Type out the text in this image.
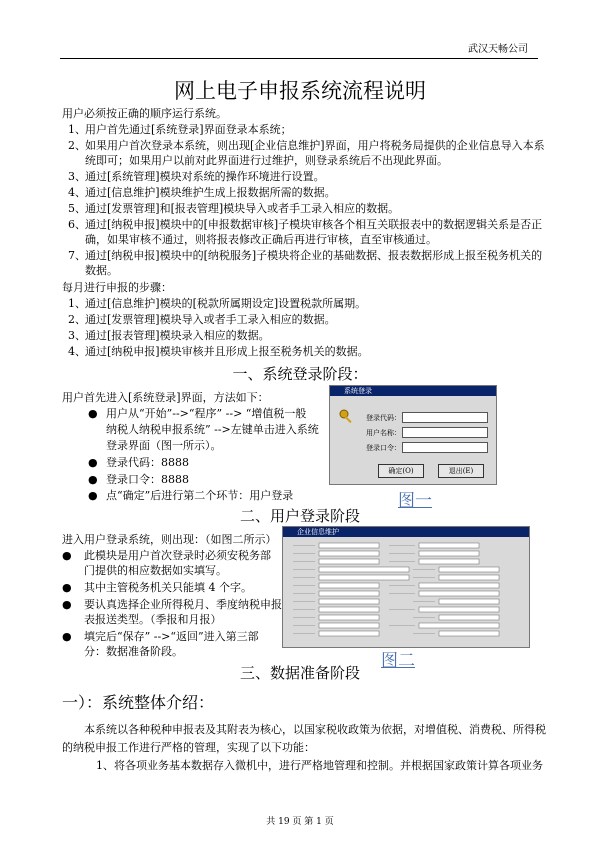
武汉天畅公司
网上电子申报系统流程说明
用户必须按正确的顺序运行系统。
1、 用户首先通过[系统登录]界面登录本系统；
2、 如果用户首次登录本系统，则出现[企业信息维护]界面，用户将税务局提供的企业信息导入本系
统即可；如果用户以前对此界面进行过维护，则登录系统后不出现此界面。
3、 通过[系统管理]模块对系统的操作环境进行设置。
4、 通过[信息维护]模块维护生成上报数据所需的数据。
5、 通过[发票管理]和[报表管理]模块导入或者手工录入相应的数据。
6、 通过[纳税申报]模块中的[申报数据审核]子模块审核各个相互关联报表中的数据逻辑关系是否正
确，如果审核不通过，则将报表修改正确后再进行审核，直至审核通过。
7、 通过[纳税申报]模块中的[纳税服务]子模块将企业的基础数据、报表数据形成上报至税务机关的
数据。
每月进行申报的步骤：
1、 通过[信息维护]模块的[税款所属期设定]设置税款所属期。
2、 通过[发票管理]模块导入或者手工录入相应的数据。
3、 通过[报表管理]模块录入相应的数据。
4、 通过[纳税申报]模块审核并且形成上报至税务机关的数据。
一、系统登录阶段：
用户首先进入[系统登录]界面，方法如下：
● 用户从“开始”-->“程序” --> “增值税一般
纳税人纳税申报系统” -->左键单击进入系统
登录界面（图一所示）。
● 登录代码：8888
● 登录口令：8888
● 点“确定”后进行第二个环节：用户登录
系统登录
登录代码：
用户名称：
登录口令：
确定(O)	退出(E)
图一
二、用户登录阶段
进入用户登录系统，则出现：（如图二所示）
● 此模块是用户首次登录时必须安税务部
门提供的相应数据如实填写。
● 其中主管税务机关只能填 4 个字。
● 要认真选择企业所得税月、季度纳税申报
表报送类型。（季报和月报）
● 填完后“保存” -->“返回”进入第三部
分：数据准备阶段。
企业信息维护
图二
三、数据准备阶段
一）：系统整体介绍：
本系统以各种税种申报表及其附表为核心，以国家税收政策为依据，对增值税、消费税、所得税
的纳税申报工作进行严格的管理，实现了以下功能：
1、将各项业务基本数据存入微机中，进行严格地管理和控制。并根据国家政策计算各项业务
共 19 页 第 1 页
